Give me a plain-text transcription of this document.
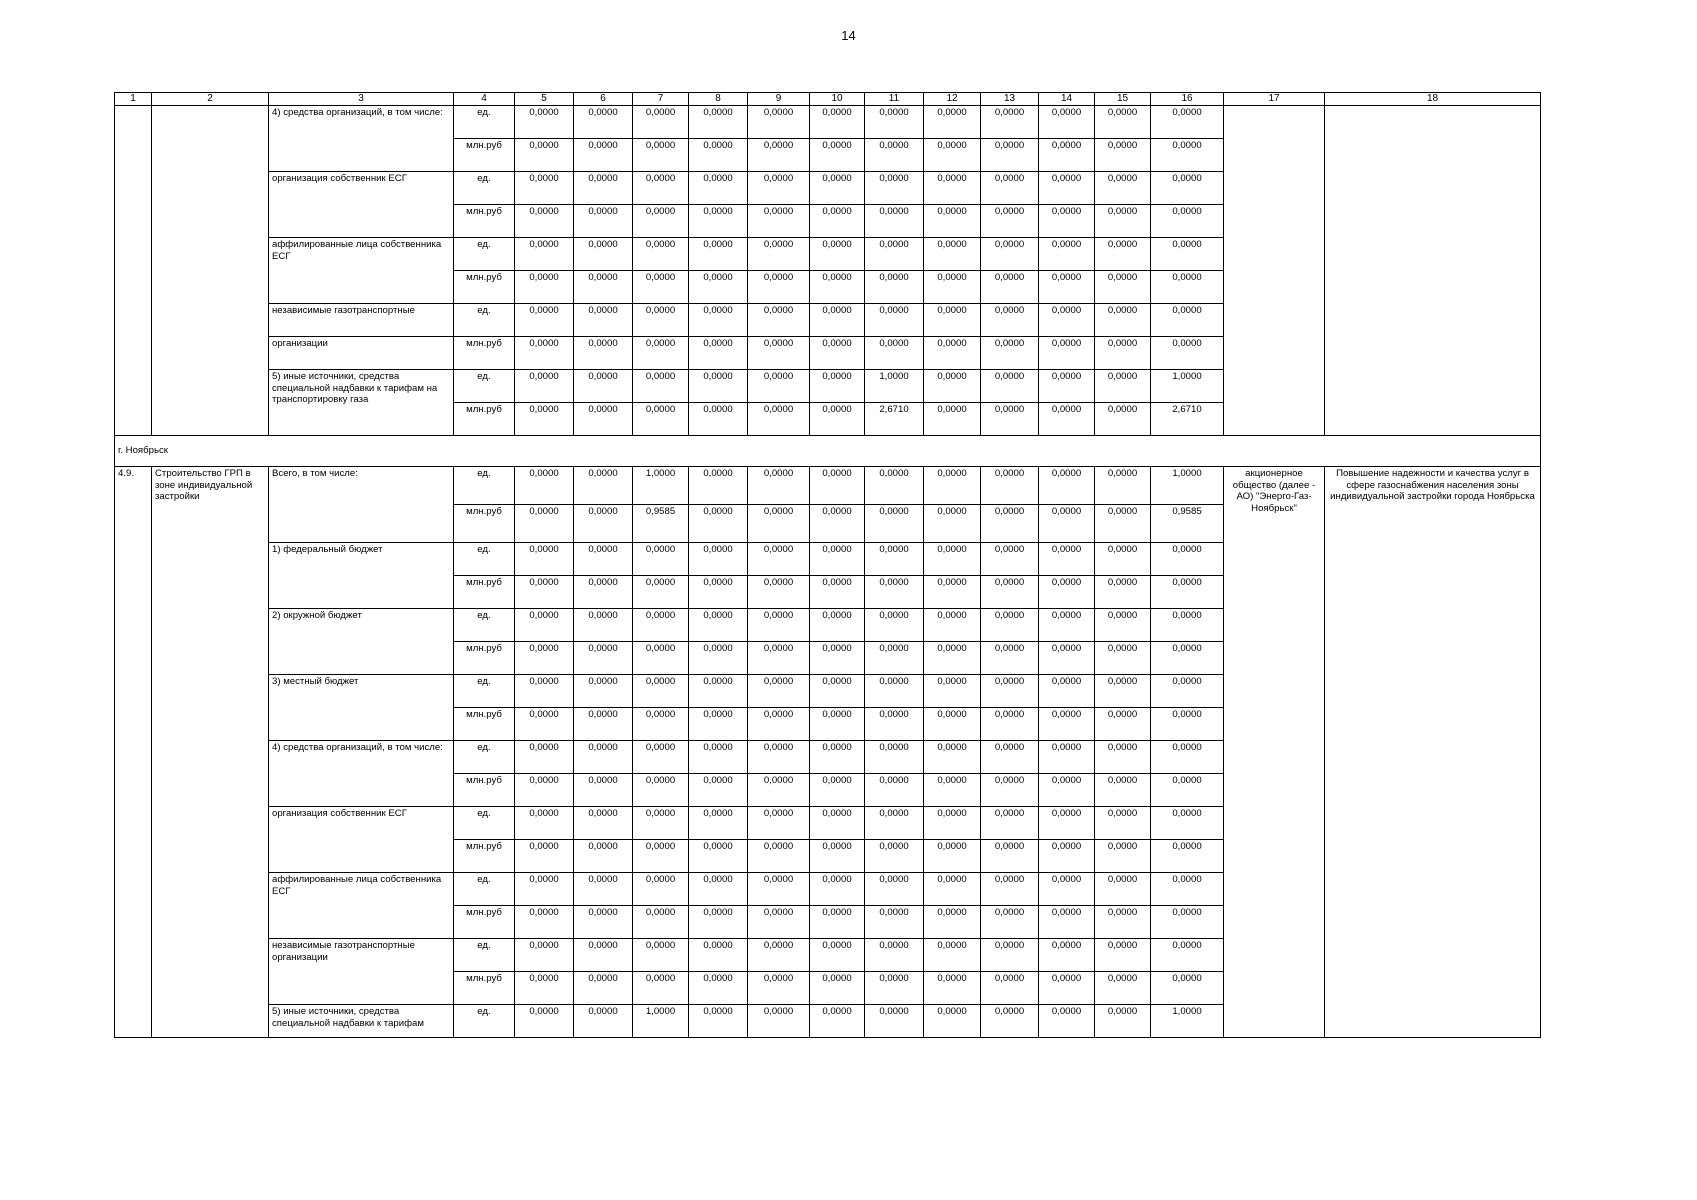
14
1	2	3	4	5	6	7	8	9	10	11	12	13	14	15	16	17	18
		4) средства организаций, в том числе:	ед.	0,0000	0,0000	0,0000	0,0000	0,0000	0,0000	0,0000	0,0000	0,0000	0,0000	0,0000	0,0000		
			млн.руб	0,0000	0,0000	0,0000	0,0000	0,0000	0,0000	0,0000	0,0000	0,0000	0,0000	0,0000	0,0000		
		организация собственник ЕСГ	ед.	0,0000	0,0000	0,0000	0,0000	0,0000	0,0000	0,0000	0,0000	0,0000	0,0000	0,0000	0,0000		
			млн.руб	0,0000	0,0000	0,0000	0,0000	0,0000	0,0000	0,0000	0,0000	0,0000	0,0000	0,0000	0,0000		
		аффилированные лица собственника ЕСГ	ед.	0,0000	0,0000	0,0000	0,0000	0,0000	0,0000	0,0000	0,0000	0,0000	0,0000	0,0000	0,0000		
			млн.руб	0,0000	0,0000	0,0000	0,0000	0,0000	0,0000	0,0000	0,0000	0,0000	0,0000	0,0000	0,0000		
		независимые газотранспортные	ед.	0,0000	0,0000	0,0000	0,0000	0,0000	0,0000	0,0000	0,0000	0,0000	0,0000	0,0000	0,0000		
		организации	млн.руб	0,0000	0,0000	0,0000	0,0000	0,0000	0,0000	0,0000	0,0000	0,0000	0,0000	0,0000	0,0000		
		5) иные источники, средства специальной надбавки к тарифам на транспортировку газа	ед.	0,0000	0,0000	0,0000	0,0000	0,0000	0,0000	1,0000	0,0000	0,0000	0,0000	0,0000	1,0000		
			млн.руб	0,0000	0,0000	0,0000	0,0000	0,0000	0,0000	2,6710	0,0000	0,0000	0,0000	0,0000	2,6710		
г. Ноябрьск																	
4.9.	Строительство ГРП в зоне индивидуальной застройки	Всего, в том числе:	ед.	0,0000	0,0000	1,0000	0,0000	0,0000	0,0000	0,0000	0,0000	0,0000	0,0000	0,0000	1,0000	акционерное общество (далее - АО) "Энерго-Газ-Ноябрьск"	Повышение надежности и качества услуг в сфере газоснабжения населения зоны индивидуальной застройки города Ноябрьска
			млн.руб	0,0000	0,0000	0,9585	0,0000	0,0000	0,0000	0,0000	0,0000	0,0000	0,0000	0,0000	0,9585		
		1) федеральный бюджет	ед.	0,0000	0,0000	0,0000	0,0000	0,0000	0,0000	0,0000	0,0000	0,0000	0,0000	0,0000	0,0000		
			млн.руб	0,0000	0,0000	0,0000	0,0000	0,0000	0,0000	0,0000	0,0000	0,0000	0,0000	0,0000	0,0000		
		2) окружной бюджет	ед.	0,0000	0,0000	0,0000	0,0000	0,0000	0,0000	0,0000	0,0000	0,0000	0,0000	0,0000	0,0000		
			млн.руб	0,0000	0,0000	0,0000	0,0000	0,0000	0,0000	0,0000	0,0000	0,0000	0,0000	0,0000	0,0000		
		3) местный бюджет	ед.	0,0000	0,0000	0,0000	0,0000	0,0000	0,0000	0,0000	0,0000	0,0000	0,0000	0,0000	0,0000		
			млн.руб	0,0000	0,0000	0,0000	0,0000	0,0000	0,0000	0,0000	0,0000	0,0000	0,0000	0,0000	0,0000		
		4) средства организаций, в том числе:	ед.	0,0000	0,0000	0,0000	0,0000	0,0000	0,0000	0,0000	0,0000	0,0000	0,0000	0,0000	0,0000		
			млн.руб	0,0000	0,0000	0,0000	0,0000	0,0000	0,0000	0,0000	0,0000	0,0000	0,0000	0,0000	0,0000		
		организация собственник ЕСГ	ед.	0,0000	0,0000	0,0000	0,0000	0,0000	0,0000	0,0000	0,0000	0,0000	0,0000	0,0000	0,0000		
			млн.руб	0,0000	0,0000	0,0000	0,0000	0,0000	0,0000	0,0000	0,0000	0,0000	0,0000	0,0000	0,0000		
		аффилированные лица собственника ЕСГ	ед.	0,0000	0,0000	0,0000	0,0000	0,0000	0,0000	0,0000	0,0000	0,0000	0,0000	0,0000	0,0000		
			млн.руб	0,0000	0,0000	0,0000	0,0000	0,0000	0,0000	0,0000	0,0000	0,0000	0,0000	0,0000	0,0000		
		независимые газотранспортные организации	ед.	0,0000	0,0000	0,0000	0,0000	0,0000	0,0000	0,0000	0,0000	0,0000	0,0000	0,0000	0,0000		
			млн.руб	0,0000	0,0000	0,0000	0,0000	0,0000	0,0000	0,0000	0,0000	0,0000	0,0000	0,0000	0,0000		
		5) иные источники, средства специальной надбавки к тарифам	ед.	0,0000	0,0000	1,0000	0,0000	0,0000	0,0000	0,0000	0,0000	0,0000	0,0000	0,0000	1,0000		
